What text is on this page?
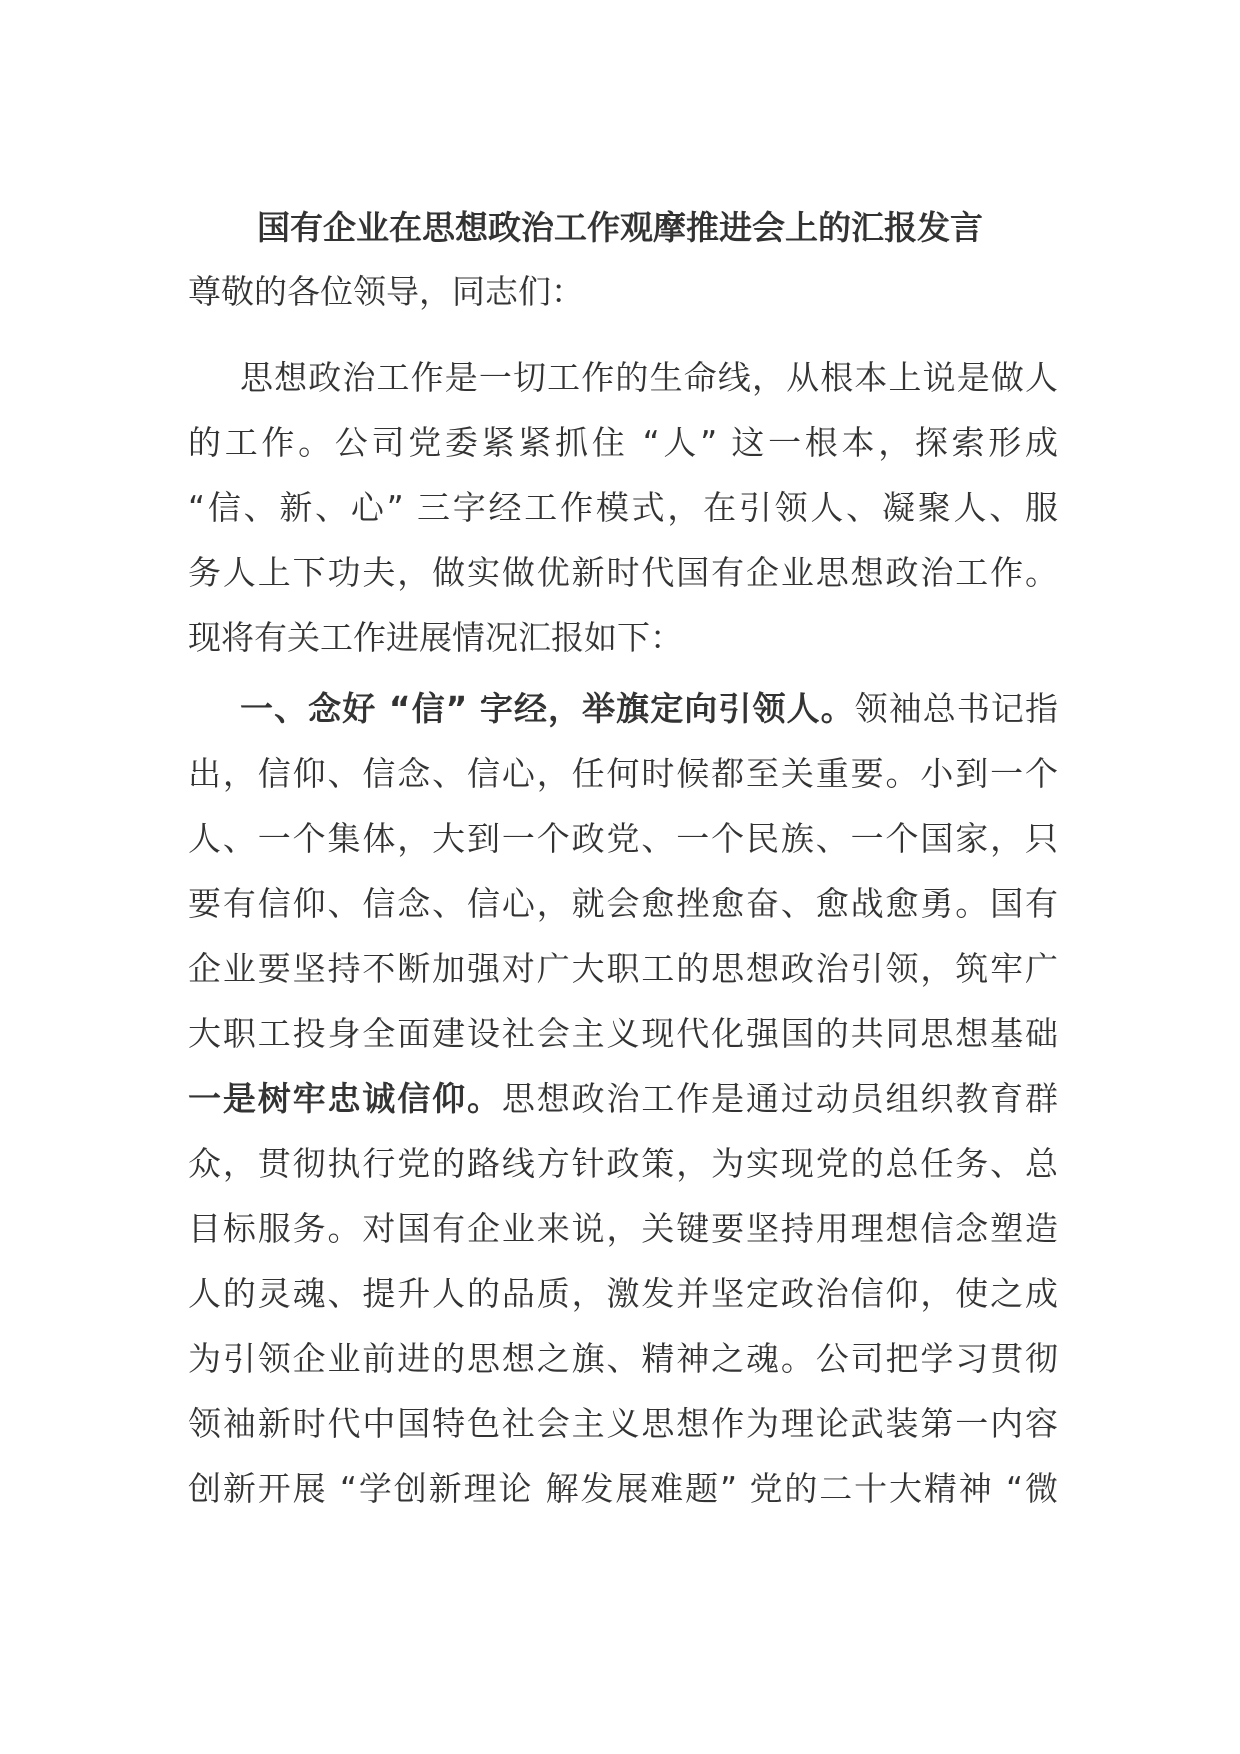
国有企业在思想政治工作观摩推进会上的汇报发言

尊敬的各位领导，同志们：

思想政治工作是一切工作的生命线，从根本上说是做人
的工作。公司党委紧紧抓住 “人” 这一根本，探索形成
“信、新、心” 三字经工作模式，在引领人、凝聚人、服
务人上下功夫，做实做优新时代国有企业思想政治工作。
现将有关工作进展情况汇报如下：
一、念好 “信” 字经，举旗定向引领人。领袖总书记指
出，信仰、信念、信心，任何时候都至关重要。小到一个
人、一个集体，大到一个政党、一个民族、一个国家，只
要有信仰、信念、信心，就会愈挫愈奋、愈战愈勇。国有
企业要坚持不断加强对广大职工的思想政治引领，筑牢广
大职工投身全面建设社会主义现代化强国的共同思想基础
一是树牢忠诚信仰。思想政治工作是通过动员组织教育群
众，贯彻执行党的路线方针政策，为实现党的总任务、总
目标服务。对国有企业来说，关键要坚持用理想信念塑造
人的灵魂、提升人的品质，激发并坚定政治信仰，使之成
为引领企业前进的思想之旗、精神之魂。公司把学习贯彻
领袖新时代中国特色社会主义思想作为理论武装第一内容
创新开展 “学创新理论 解发展难题” 党的二十大精神 “微
